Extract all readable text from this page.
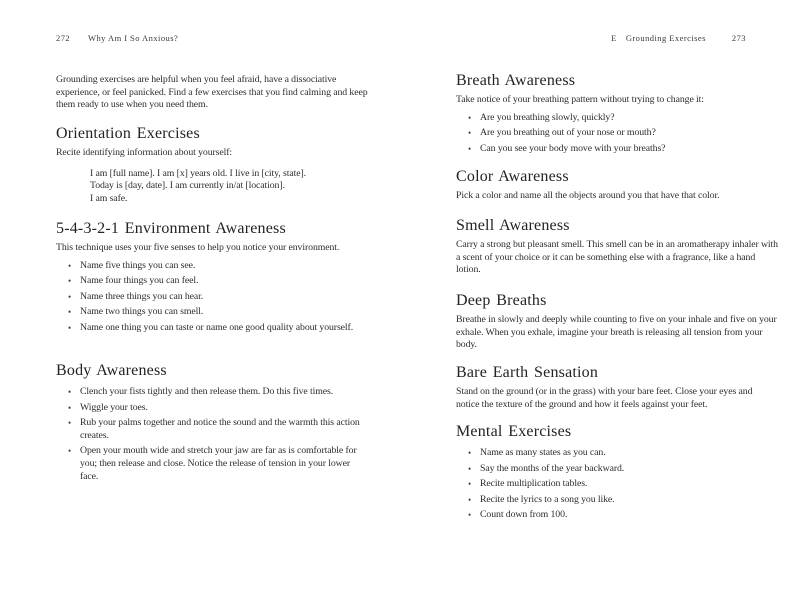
272	Why Am I So Anxious?

Grounding exercises are helpful when you feel afraid, have a dissociative experience, or feel panicked. Find a few exercises that you find calming and keep them ready to use when you need them.

Orientation Exercises

Recite identifying information about yourself:

I am [full name]. I am [x] years old. I live in [city, state].
Today is [day, date]. I am currently in/at [location].
I am safe.
5-4-3-2-1 Environment Awareness

This technique uses your five senses to help you notice your environment.

• Name five things you can see.
• Name four things you can feel.
• Name three things you can hear.
• Name two things you can smell.
• Name one thing you can taste or name one good quality about yourself.
Body Awareness
• Clench your fists tightly and then release them. Do this five times.
• Wiggle your toes.
• Rub your palms together and notice the sound and the warmth this action creates.
• Open your mouth wide and stretch your jaw are far as is comfortable for you; then release and close. Notice the release of tension in your lower face.
E Grounding Exercises	273
Breath Awareness

Take notice of your breathing pattern without trying to change it:

• Are you breathing slowly, quickly?
• Are you breathing out of your nose or mouth?
• Can you see your body move with your breaths?
Color Awareness

Pick a color and name all the objects around you that have that color.

Smell Awareness

Carry a strong but pleasant smell. This smell can be in an aromatherapy inhaler with a scent of your choice or it can be something else with a fragrance, like a hand lotion.

Deep Breaths

Breathe in slowly and deeply while counting to five on your inhale and five on your exhale. When you exhale, imagine your breath is releasing all tension from your body.

Bare Earth Sensation

Stand on the ground (or in the grass) with your bare feet. Close your eyes and notice the texture of the ground and how it feels against your feet.

Mental Exercises
• Name as many states as you can.
• Say the months of the year backward.
• Recite multiplication tables.
• Recite the lyrics to a song you like.
• Count down from 100.
